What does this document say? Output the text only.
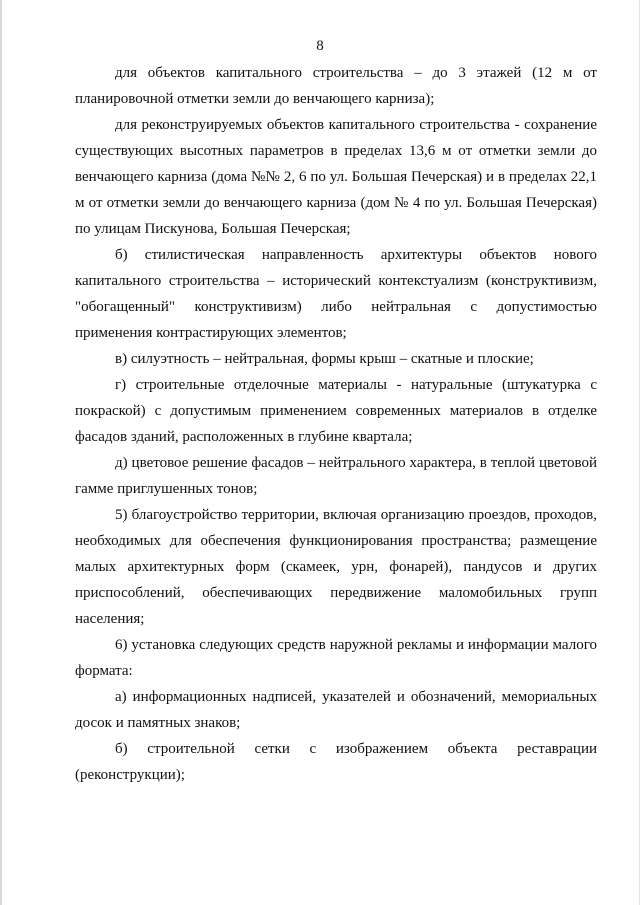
8

для объектов капитального строительства – до 3 этажей (12 м от планировочной отметки земли до венчающего карниза);

для реконструируемых объектов капитального строительства - сохранение существующих высотных параметров в пределах 13,6 м от отметки земли до венчающего карниза (дома №№ 2, 6 по ул. Большая Печерская) и в пределах 22,1 м от отметки земли до венчающего карниза (дом № 4 по ул. Большая Печерская) по улицам Пискунова, Большая Печерская;

б) стилистическая направленность архитектуры объектов нового капитального строительства – исторический контекстуализм (конструктивизм, "обогащенный" конструктивизм) либо нейтральная с допустимостью применения контрастирующих элементов;

в) силуэтность – нейтральная, формы крыш – скатные и плоские;

г) строительные отделочные материалы - натуральные (штукатурка с покраской) с допустимым применением современных материалов в отделке фасадов зданий, расположенных в глубине квартала;

д) цветовое решение фасадов – нейтрального характера, в теплой цветовой гамме приглушенных тонов;

5) благоустройство территории, включая организацию проездов, проходов, необходимых для обеспечения функционирования пространства; размещение малых архитектурных форм (скамеек, урн, фонарей), пандусов и других приспособлений, обеспечивающих передвижение маломобильных групп населения;

6) установка следующих средств наружной рекламы и информации малого формата:

а) информационных надписей, указателей и обозначений, мемориальных досок и памятных знаков;

б) строительной сетки с изображением объекта реставрации (реконструкции);
